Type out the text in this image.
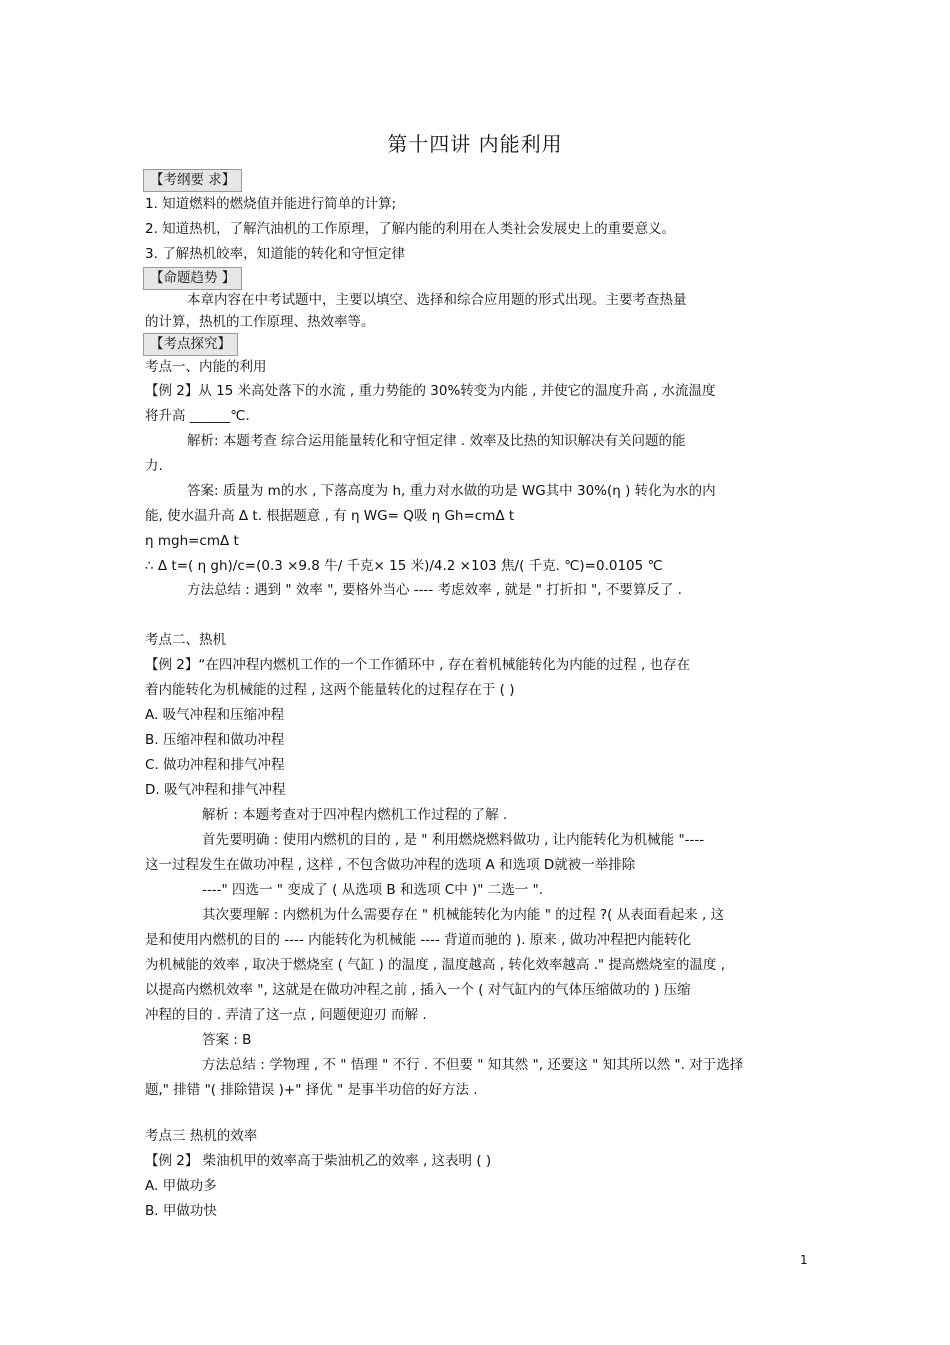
第十四讲 内能利用
【考纲要 求】
1. 知道燃料的燃烧值并能进行简单的计算;
2. 知道热机，了解汽油机的工作原理，了解内能的利用在人类社会发展史上的重要意义。
3. 了解热机皎率，知道能的转化和守恒定律
【命题趋势 】
本章内容在中考试题中，主要以填空、选择和综合应用题的形式出现。主要考查热量
的计算，热机的工作原理、热效率等。
【考点探究】
考点一、内能的利用
【例 2】从 15 米高处落下的水流 , 重力势能的 30%转变为内能 , 并使它的温度升高 , 水流温度
将升高 ______℃.
解析: 本题考查 综合运用能量转化和守恒定律 . 效率及比热的知识解决有关问题的能
力.
答案: 质量为 m的水 , 下落高度为 h, 重力对水做的功是 WG其中 30%(η ) 转化为水的内
能, 使水温升高 Δ t. 根据题意 , 有 η WG= Q吸 η Gh=cmΔ t
η mgh=cmΔ t
∴ Δ t=( η gh)/c=(0.3 ×9.8 牛/ 千克× 15 米)/4.2 ×103 焦/( 千克. ℃)=0.0105 ℃
方法总结 : 遇到 " 效率 ", 要格外当心 ---- 考虑效率 , 就是 " 打折扣 ", 不要算反了 .
考点二、热机
【例 2】“在四冲程内燃机工作的一个工作循环中 , 存在着机械能转化为内能的过程 , 也存在
着内能转化为机械能的过程 , 这两个能量转化的过程存在于 ( )
A. 吸气冲程和压缩冲程
B. 压缩冲程和做功冲程
C. 做功冲程和排气冲程
D. 吸气冲程和排气冲程
解析 : 本题考查对于四冲程内燃机工作过程的了解 .
首先要明确 : 使用内燃机的目的 , 是 " 利用燃烧燃料做功 , 让内能转化为机械能 "----
这一过程发生在做功冲程 , 这样 , 不包含做功冲程的选项 A 和选项 D就被一举排除
----" 四选一 " 变成了 ( 从选项 B 和选项 C中 )" 二选一 ".
其次要理解 : 内燃机为什么需要存在 " 机械能转化为内能 " 的过程 ?( 从表面看起来 , 这
是和使用内燃机的目的 ---- 内能转化为机械能 ---- 背道而驰的 ). 原来 , 做功冲程把内能转化
为机械能的效率 , 取决于燃烧室 ( 气缸 ) 的温度 , 温度越高 , 转化效率越高 ." 提高燃烧室的温度 ,
以提高内燃机效率 ", 这就是在做功冲程之前 , 插入一个 ( 对气缸内的气体压缩做功的 ) 压缩
冲程的目的 . 弄清了这一点 , 问题便迎刃 而解 .
答案 : B
方法总结 : 学物理 , 不 " 悟理 " 不行 . 不但要 " 知其然 ", 还要这 " 知其所以然 ". 对于选择
题," 排错 "( 排除错误 )+" 择优 " 是事半功倍的好方法 .
考点三 热机的效率
【例 2】 柴油机甲的效率高于柴油机乙的效率 , 这表明 ( )
A. 甲做功多
B. 甲做功快
1
